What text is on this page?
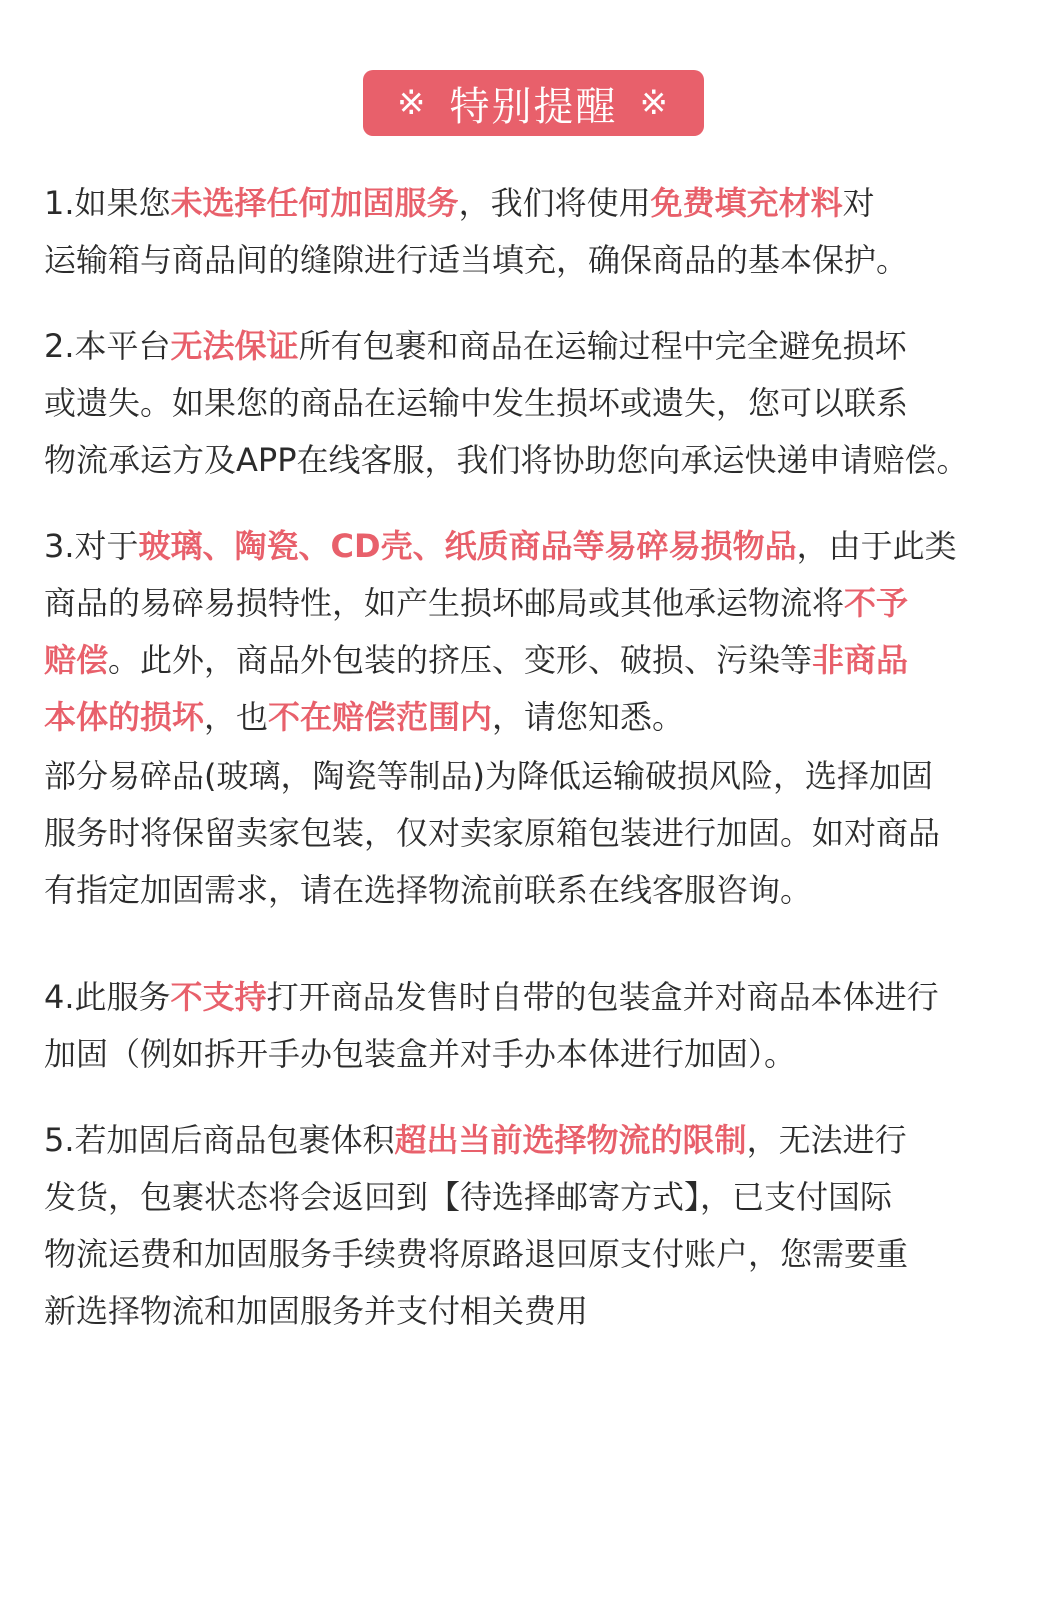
※ 特别提醒 ※

1.如果您未选择任何加固服务，我们将使用免费填充材料对
运输箱与商品间的缝隙进行适当填充，确保商品的基本保护。

2.本平台无法保证所有包裹和商品在运输过程中完全避免损坏
或遗失。如果您的商品在运输中发生损坏或遗失，您可以联系
物流承运方及APP在线客服，我们将协助您向承运快递申请赔偿。

3.对于玻璃、陶瓷、CD壳、纸质商品等易碎易损物品，由于此类
商品的易碎易损特性，如产生损坏邮局或其他承运物流将不予
赔偿。此外，商品外包装的挤压、变形、破损、污染等非商品
本体的损坏，也不在赔偿范围内，请您知悉。

部分易碎品(玻璃，陶瓷等制品)为降低运输破损风险，选择加固
服务时将保留卖家包装，仅对卖家原箱包装进行加固。如对商品
有指定加固需求，请在选择物流前联系在线客服咨询。

4.此服务不支持打开商品发售时自带的包装盒并对商品本体进行
加固（例如拆开手办包装盒并对手办本体进行加固）。

5.若加固后商品包裹体积超出当前选择物流的限制，无法进行
发货，包裹状态将会返回到【待选择邮寄方式】，已支付国际
物流运费和加固服务手续费将原路退回原支付账户，您需要重
新选择物流和加固服务并支付相关费用
